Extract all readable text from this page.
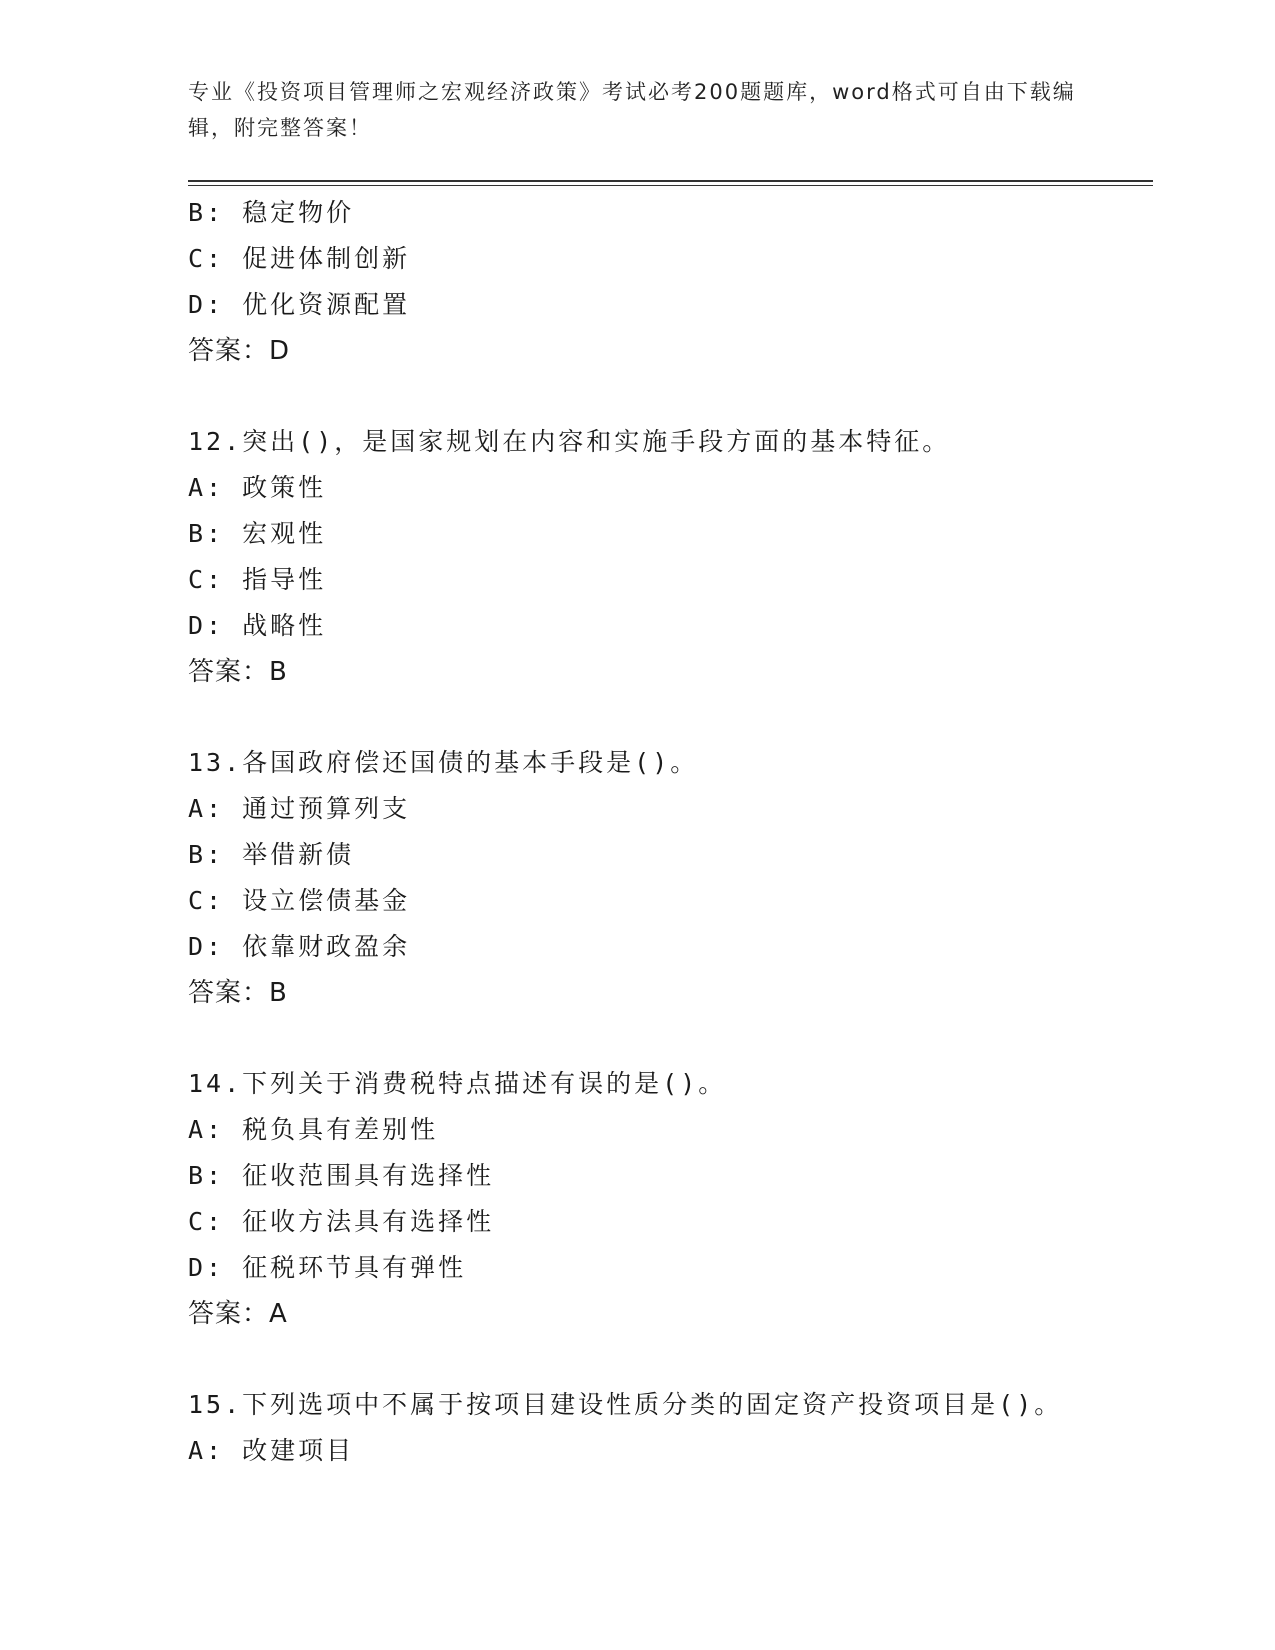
专业《投资项目管理师之宏观经济政策》考试必考200题题库，word格式可自由下载编辑，附完整答案！
B: 稳定物价
C: 促进体制创新
D: 优化资源配置
答案：D
12.突出()，是国家规划在内容和实施手段方面的基本特征。
A: 政策性
B: 宏观性
C: 指导性
D: 战略性
答案：B
13.各国政府偿还国债的基本手段是()。
A: 通过预算列支
B: 举借新债
C: 设立偿债基金
D: 依靠财政盈余
答案：B
14.下列关于消费税特点描述有误的是()。
A: 税负具有差别性
B: 征收范围具有选择性
C: 征收方法具有选择性
D: 征税环节具有弹性
答案：A
15.下列选项中不属于按项目建设性质分类的固定资产投资项目是()。
A: 改建项目
